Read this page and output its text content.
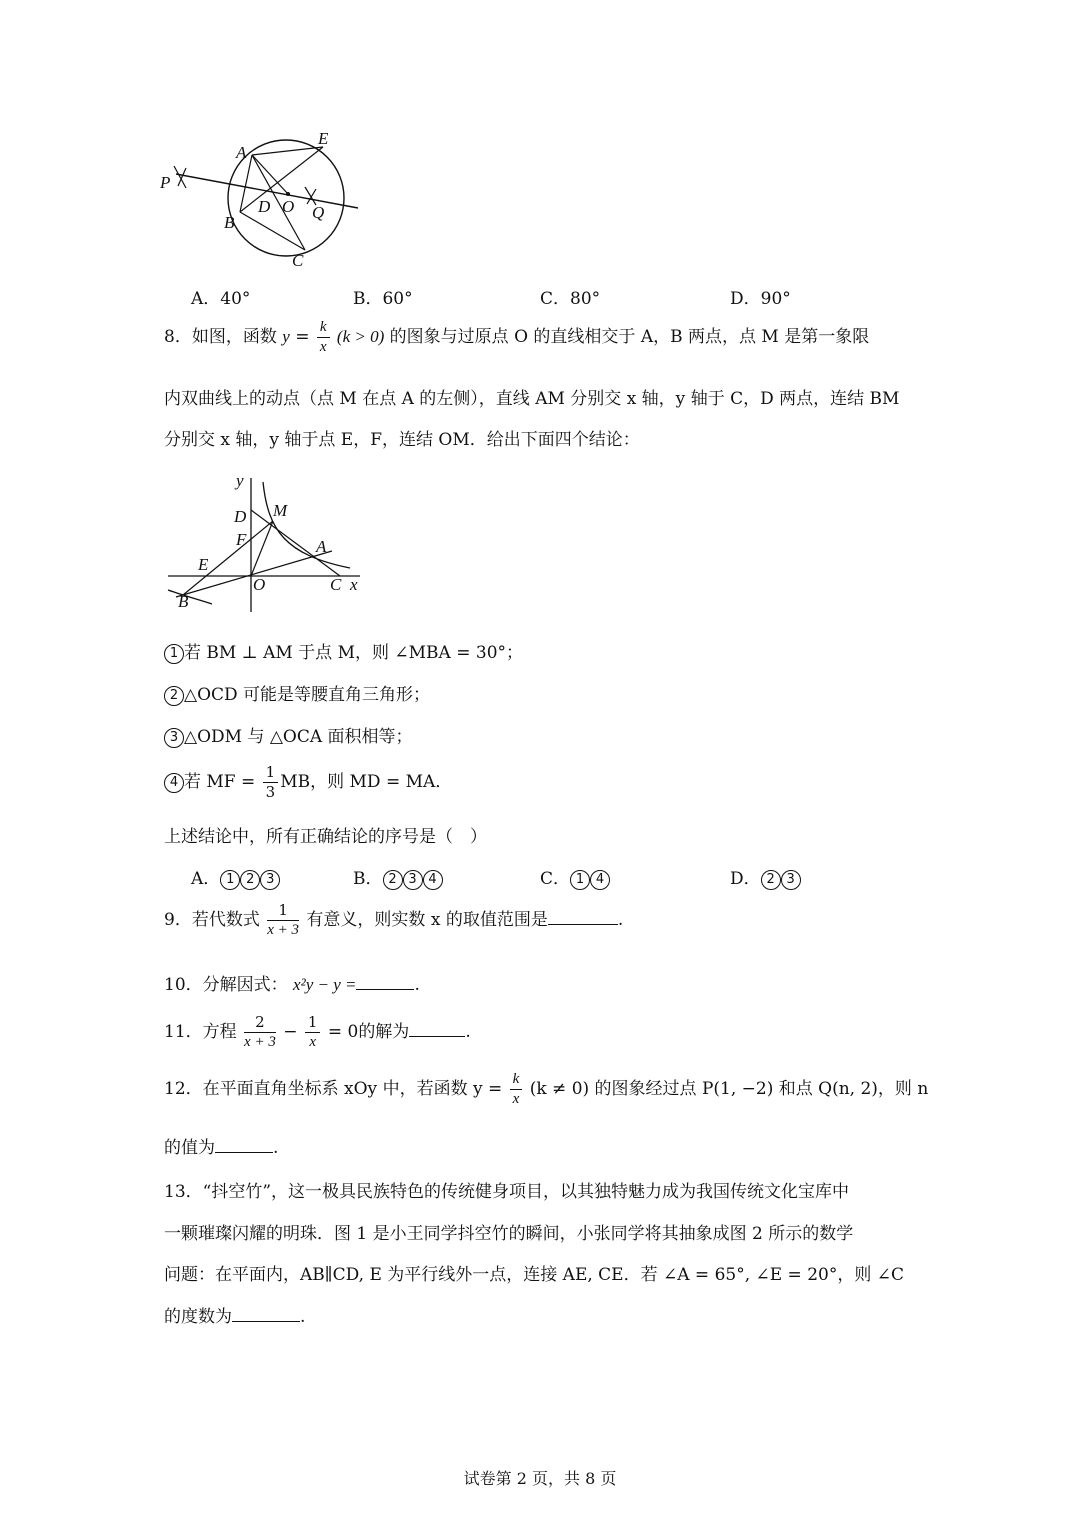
A
E
P
D O Q
B
C
A．40°	B．60°	C．80°	D．90°
8．如图，函数 $y = \frac{k}{x} (k > 0)$ 的图象与过原点 O 的直线相交于 A，B 两点，点 M 是第一象限
内双曲线上的动点（点 M 在点 A 的左侧），直线 AM 分别交 x 轴，y 轴于 C，D 两点，连结 BM
分别交 x 轴，y 轴于点 E，F，连结 OM．给出下面四个结论：
y
D M
F	A
E
O	C x
B
1 若 BM ⊥ AM 于点 M，则 ∠MBA = 30°；
2 △OCD 可能是等腰直角三角形；
3 △ODM 与 △OCA 面积相等；
4 若 MF = $\frac{1}{3}$ MB，则 MD = MA．
上述结论中，所有正确结论的序号是（　）
A． 1 2 3	B． 2 3 4	C． 1 4	D． 2 3
9．若代数式 $\frac{1}{x + 3}$ 有意义，则实数 x 的取值范围是	.
10．分解因式： x²y − y =	.
11．方程 $\frac{2}{x + 3} - \frac{1}{x} = 0$的解为	.
12．在平面直角坐标系 xOy 中，若函数 $y = \frac{k}{x} (k \ne 0)$ 的图象经过点 P(1, −2) 和点 Q(n, 2)，则 n
的值为	.
13．“抖空竹”，这一极具民族特色的传统健身项目，以其独特魅力成为我国传统文化宝库中
一颗璀璨闪耀的明珠．图 1 是小王同学抖空竹的瞬间，小张同学将其抽象成图 2 所示的数学
问题：在平面内，AB∥CD, E 为平行线外一点，连接 AE, CE．若 ∠A = 65°, ∠E = 20°，则 ∠C
的度数为	.
试卷第 2 页，共 8 页
